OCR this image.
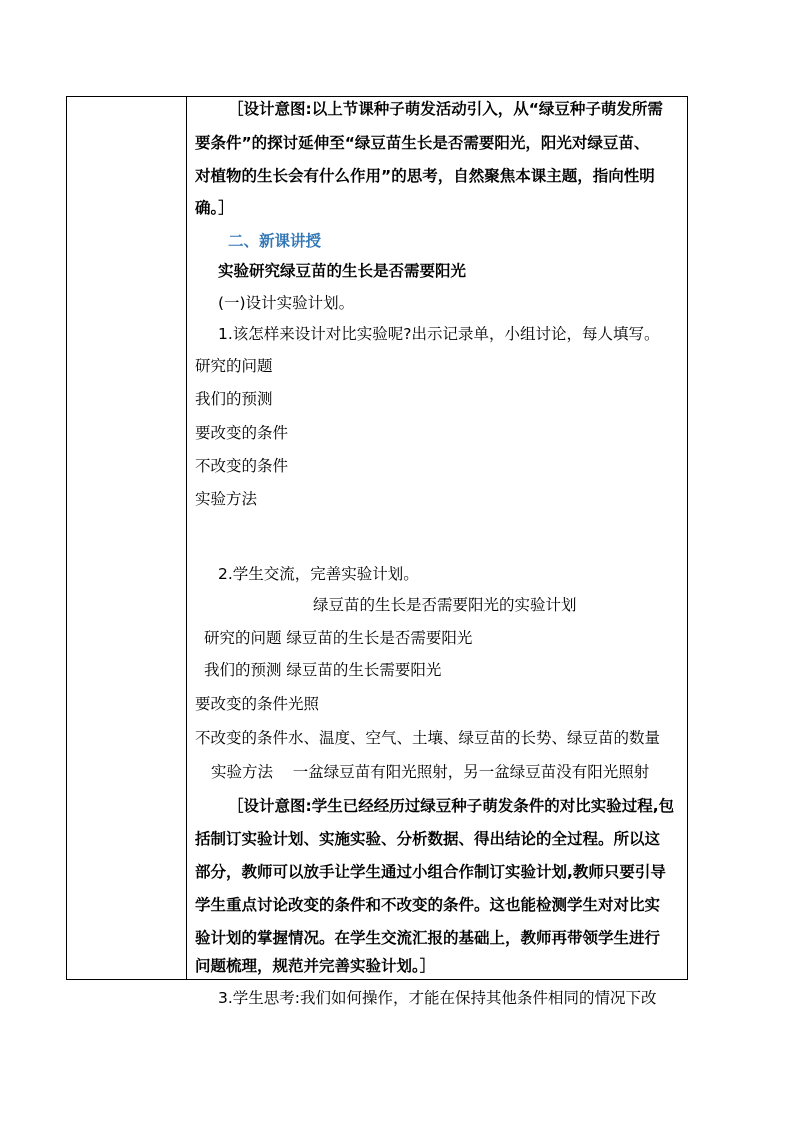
［设计意图:以上节课种子萌发活动引入，从“绿豆种子萌发所需
要条件”的探讨延伸至“绿豆苗生长是否需要阳光，阳光对绿豆苗、
对植物的生长会有什么作用”的思考，自然聚焦本课主题，指向性明
确。］
二、新课讲授
实验研究绿豆苗的生长是否需要阳光
(一)设计实验计划。
1.该怎样来设计对比实验呢?出示记录单，小组讨论，每人填写。
研究的问题
我们的预测
要改变的条件
不改变的条件
实验方法
2.学生交流，完善实验计划。
绿豆苗的生长是否需要阳光的实验计划
研究的问题 绿豆苗的生长是否需要阳光
我们的预测 绿豆苗的生长需要阳光
要改变的条件光照
不改变的条件水、温度、空气、土壤、绿豆苗的长势、绿豆苗的数量
实验方法    一盆绿豆苗有阳光照射，另一盆绿豆苗没有阳光照射
［设计意图:学生已经经历过绿豆种子萌发条件的对比实验过程,包
括制订实验计划、实施实验、分析数据、得出结论的全过程。所以这
部分，教师可以放手让学生通过小组合作制订实验计划,教师只要引导
学生重点讨论改变的条件和不改变的条件。这也能检测学生对对比实
验计划的掌握情况。在学生交流汇报的基础上，教师再带领学生进行
问题梳理，规范并完善实验计划。］
3.学生思考:我们如何操作，才能在保持其他条件相同的情况下改
